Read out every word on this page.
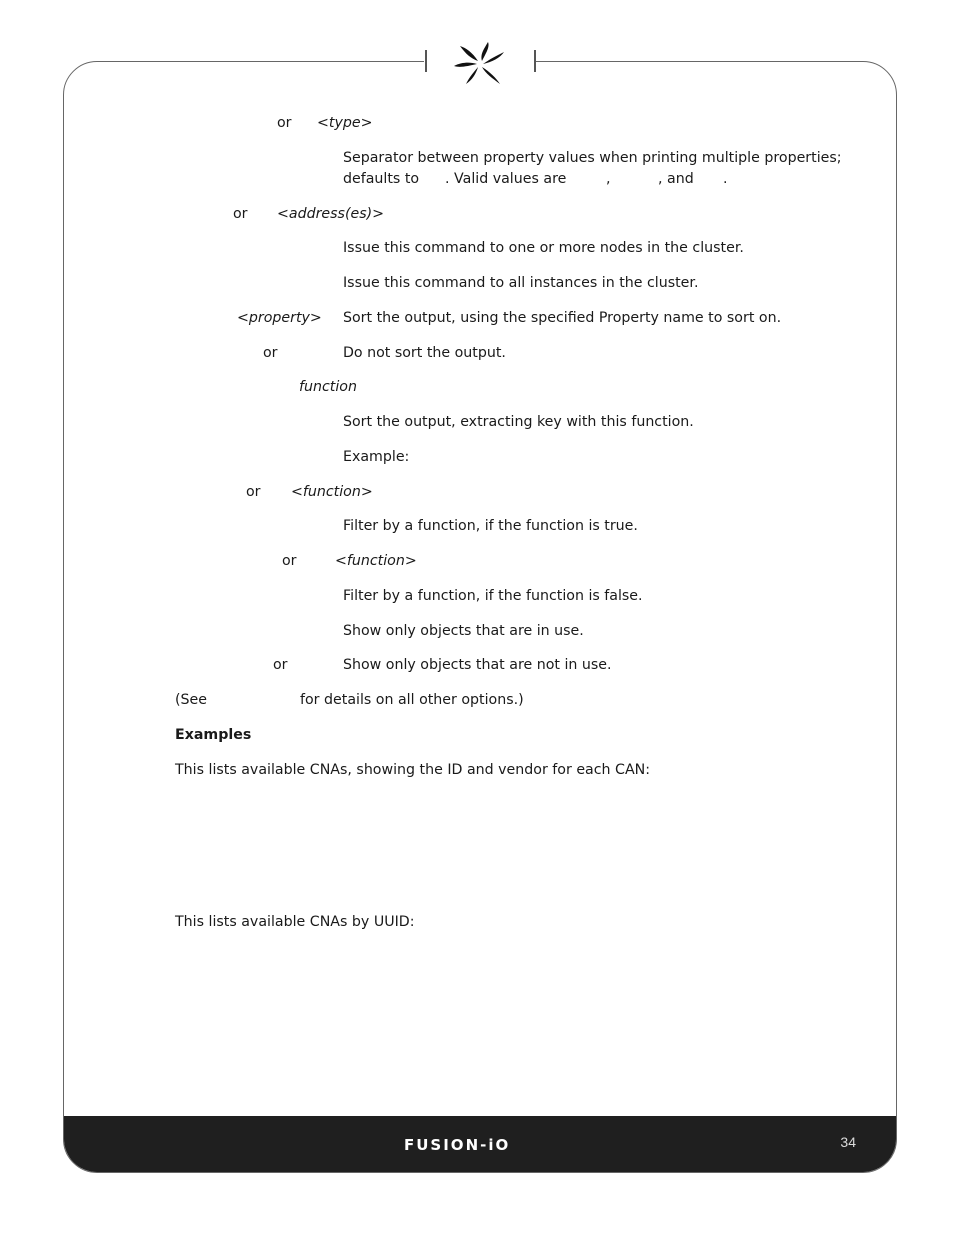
FUSION-iO	34
or <type>
Separator between property values when printing multiple properties;
defaults to . Valid values are	,	, and .
or <address(es)>
Issue this command to one or more nodes in the cluster.
Issue this command to all instances in the cluster.
<property> Sort the output, using the specified Property name to sort on.
or	Do not sort the output.
function
Sort the output, extracting key with this function.
Example:
or <function>
Filter by a function, if the function is true.
or	<function>
Filter by a function, if the function is false.
Show only objects that are in use.
or	Show only objects that are not in use.
(See	for details on all other options.)
Examples
This lists available CNAs, showing the ID and vendor for each CAN:
This lists available CNAs by UUID:
